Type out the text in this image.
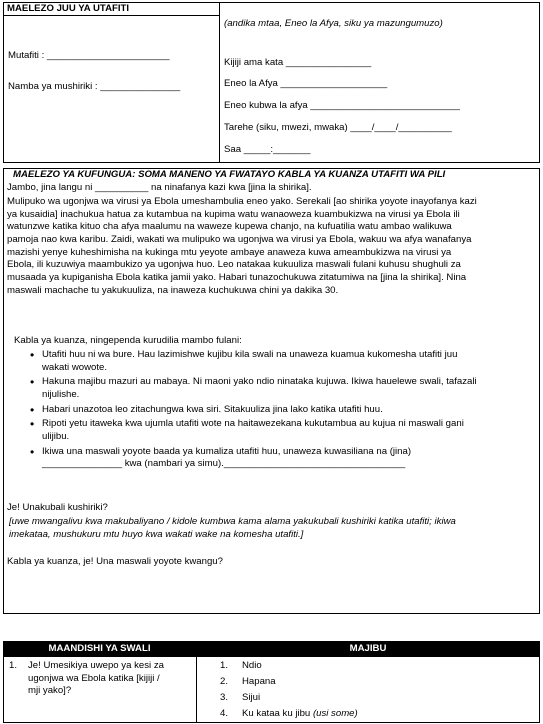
MAELEZO JUU YA UTAFITI
Mutafiti : _______________________
Namba ya mushiriki : _______________
(andika mtaa, Eneo la Afya, siku ya mazungumuzo)
Kijiji ama kata ________________
Eneo la Afya ____________________
Eneo kubwa la afya ____________________________
Tarehe (siku, mwezi, mwaka) ____/____/__________
Saa _____:_______
MAELEZO YA KUFUNGUA: SOMA MANENO YA FWATAYO KABLA YA KUANZA UTAFITI WA PILI
Jambo, jina langu ni __________ na ninafanya kazi kwa [jina la shirika].
Mulipuko wa ugonjwa wa virusi ya Ebola umeshambulia eneo yako. Serekali [ao shirika yoyote inayofanya kazi
ya kusaidia] inachukua hatua za kutambua na kupima watu wanaoweza kuambukizwa na virusi ya Ebola ili
watunzwe katika kituo cha afya maalumu na waweze kupewa chanjo, na kufuatilia watu ambao walikuwa
pamoja nao kwa karibu. Zaidi, wakati wa mulipuko wa ugonjwa wa virusi ya Ebola, wakuu wa afya wanafanya
mazishi yenye kuheshimisha na kukinga mtu yeyote ambaye anaweza kuwa ameambukizwa na virusi ya
Ebola, ili kuzuwiya maambukizo ya ugonjwa huo. Leo natakaa kukuuliza maswali fulani kuhusu shughuli za
musaada ya kupiganisha Ebola katika jamii yako. Habari tunazochukuwa zitatumiwa na [jina la shirika]. Nina
maswali machache tu yakukuuliza, na inaweza kuchukuwa chini ya dakika 30.
Kabla ya kuanza, ningependa kurudilia mambo fulani:
• Utafiti huu ni wa bure. Hau lazimishwe kujibu kila swali na unaweza kuamua kukomesha utafiti juu
wakati wowote.
• Hakuna majibu mazuri au mabaya. Ni maoni yako ndio ninataka kujuwa. Ikiwa hauelewe swali, tafazali
nijulishe.
• Habari unazotoa leo zitachungwa kwa siri. Sitakuuliza jina lako katika utafiti huu.
• Ripoti yetu itaweka kwa ujumla utafiti wote na haitawezekana kukutambua au kujua ni maswali gani
ulijibu.
• Ikiwa una maswali yoyote baada ya kumaliza utafiti huu, unaweza kuwasiliana na (jina)
_______________ kwa (nambari ya simu).__________________________________
Je! Unakubali kushiriki?
[uwe mwangalivu kwa makubaliyano / kidole kumbwa kama alama yakukubali kushiriki katika utafiti; ikiwa
imekataa, mushukuru mtu huyo kwa wakati wake na komesha utafiti.]
Kabla ya kuanza, je! Una maswali yoyote kwangu?
MAANDISHI YA SWALI	MAJIBU
1. Je! Umesikiya uwepo ya kesi za
ugonjwa wa Ebola katika [kijiji /
mji yako]?
1. Ndio
2. Hapana
3. Sijui
4. Ku kataa ku jibu (usi some)
